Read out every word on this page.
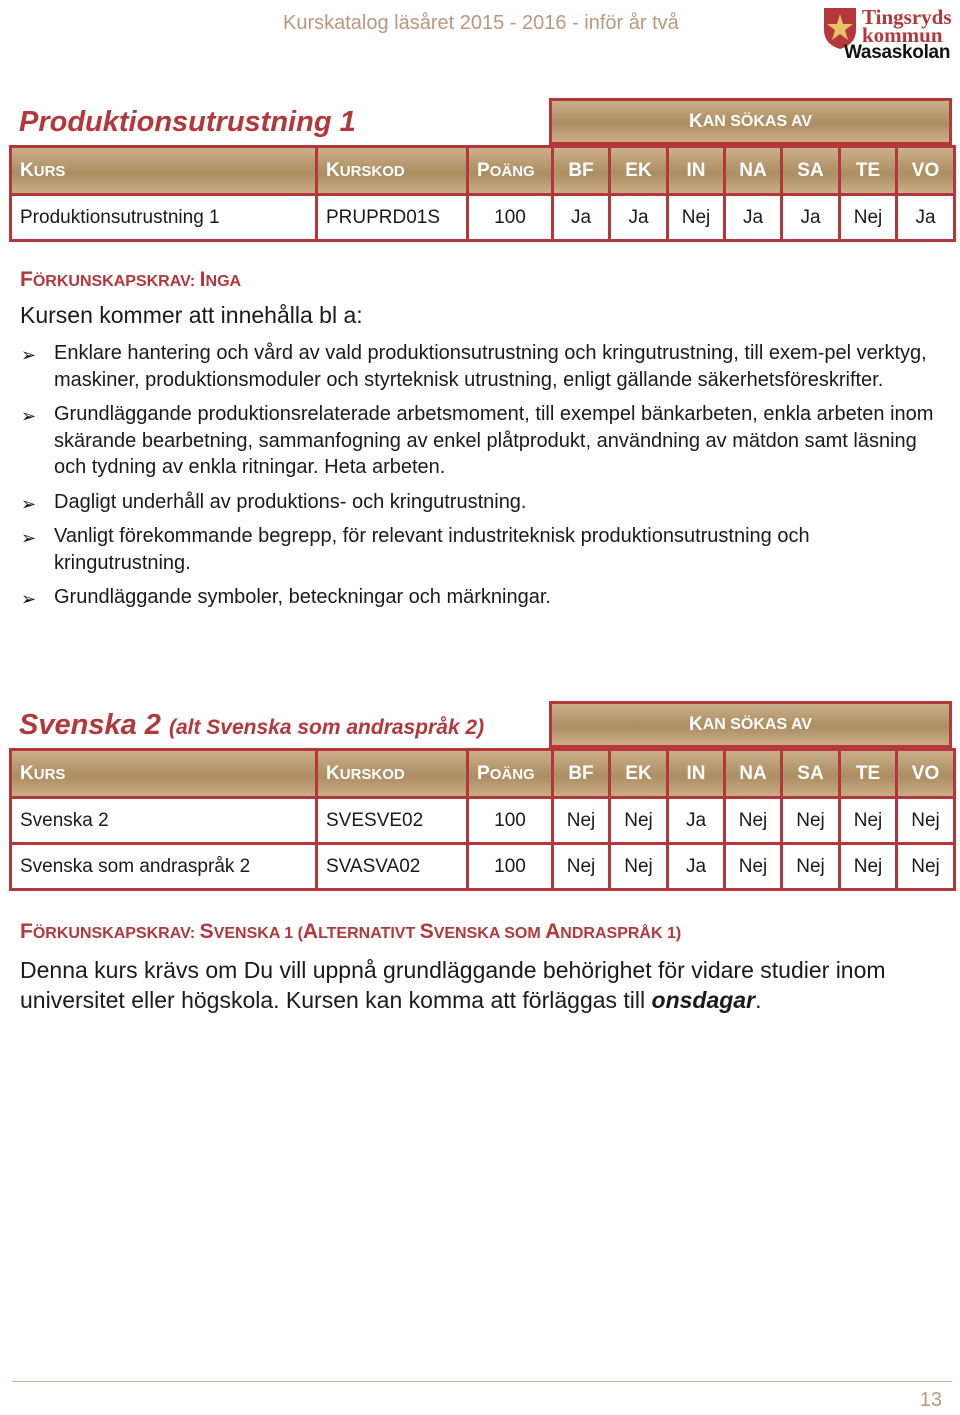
Kurskatalog läsåret 2015 - 2016 - inför år två	Tingsryds
kommun
Wasaskolan
Produktionsutrustning 1	K AN SÖKAS AV
KURS	KURSKOD	POÄNG	BF	EK	IN	NA	SA	TE	VO
Produktionsutrustning 1	PRUPRD01S	100	Ja	Ja	Nej	Ja	Ja	Nej	Ja
FÖRKUNSKAPSKRAV: INGA
Kursen kommer att innehålla bl a:
➢ Enklare hantering och vård av vald produktionsutrustning och kringutrustning, till exem-pel verktyg, maskiner, produktionsmoduler och styrteknisk utrustning, enligt gällande säkerhetsföreskrifter.
➢ Grundläggande produktionsrelaterade arbetsmoment, till exempel bänkarbeten, enkla arbeten inom skärande bearbetning, sammanfogning av enkel plåtprodukt, användning av mätdon samt läsning och tydning av enkla ritningar. Heta arbeten.
➢ Dagligt underhåll av produktions- och kringutrustning.
➢ Vanligt förekommande begrepp, för relevant industriteknisk produktionsutrustning och kringutrustning.
➢ Grundläggande symboler, beteckningar och märkningar.
Svenska 2 (alt Svenska som andraspråk 2)	K AN SÖKAS AV
KURS	KURSKOD	POÄNG	BF	EK	IN	NA	SA	TE	VO
Svenska 2	SVESVE02	100	Nej	Nej	Ja	Nej	Nej	Nej	Nej
Svenska som andraspråk 2	SVASVA02	100	Nej	Nej	Ja	Nej	Nej	Nej	Nej
FÖRKUNSKAPSKRAV: SVENSKA 1 (ALTERNATIVT SVENSKA SOM ANDRASPRÅK 1)
Denna kurs krävs om Du vill uppnå grundläggande behörighet för vidare studier inom universitet eller högskola. Kursen kan komma att förläggas till onsdagar.
13
